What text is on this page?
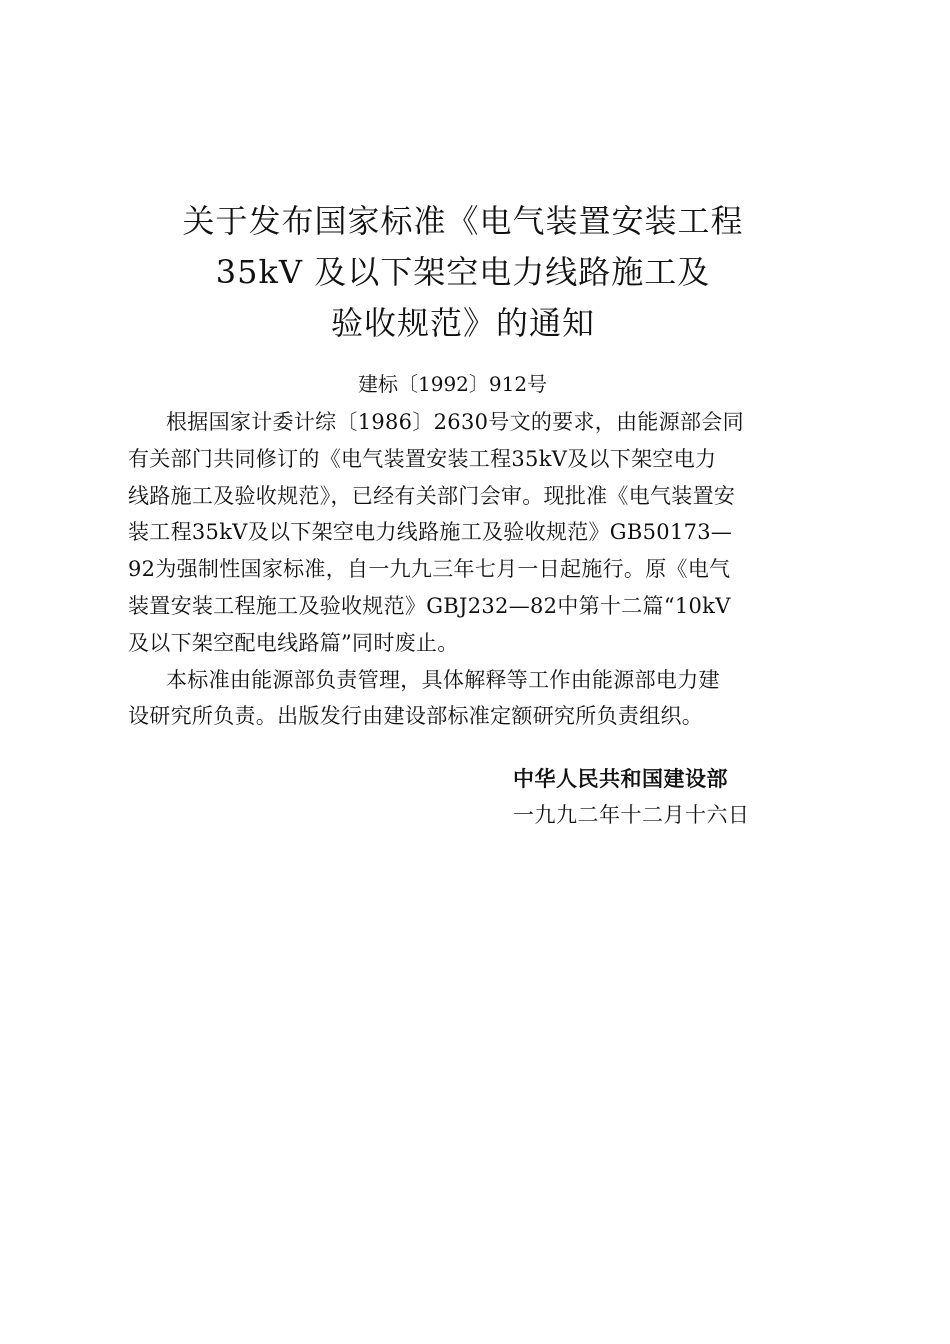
关于发布国家标准《电气装置安装工程
35kV 及以下架空电力线路施工及
验收规范》的通知
建标〔1992〕912号
根据国家计委计综〔1986〕2630号文的要求，由能源部会同
有关部门共同修订的《电气装置安装工程35kV及以下架空电力
线路施工及验收规范》，已经有关部门会审。现批准《电气装置安
装工程35kV及以下架空电力线路施工及验收规范》GB50173—
92为强制性国家标准，自一九九三年七月一日起施行。原《电气
装置安装工程施工及验收规范》GBJ232—82中第十二篇“10kV
及以下架空配电线路篇”同时废止。
本标准由能源部负责管理，具体解释等工作由能源部电力建
设研究所负责。出版发行由建设部标准定额研究所负责组织。
中华人民共和国建设部
一九九二年十二月十六日
